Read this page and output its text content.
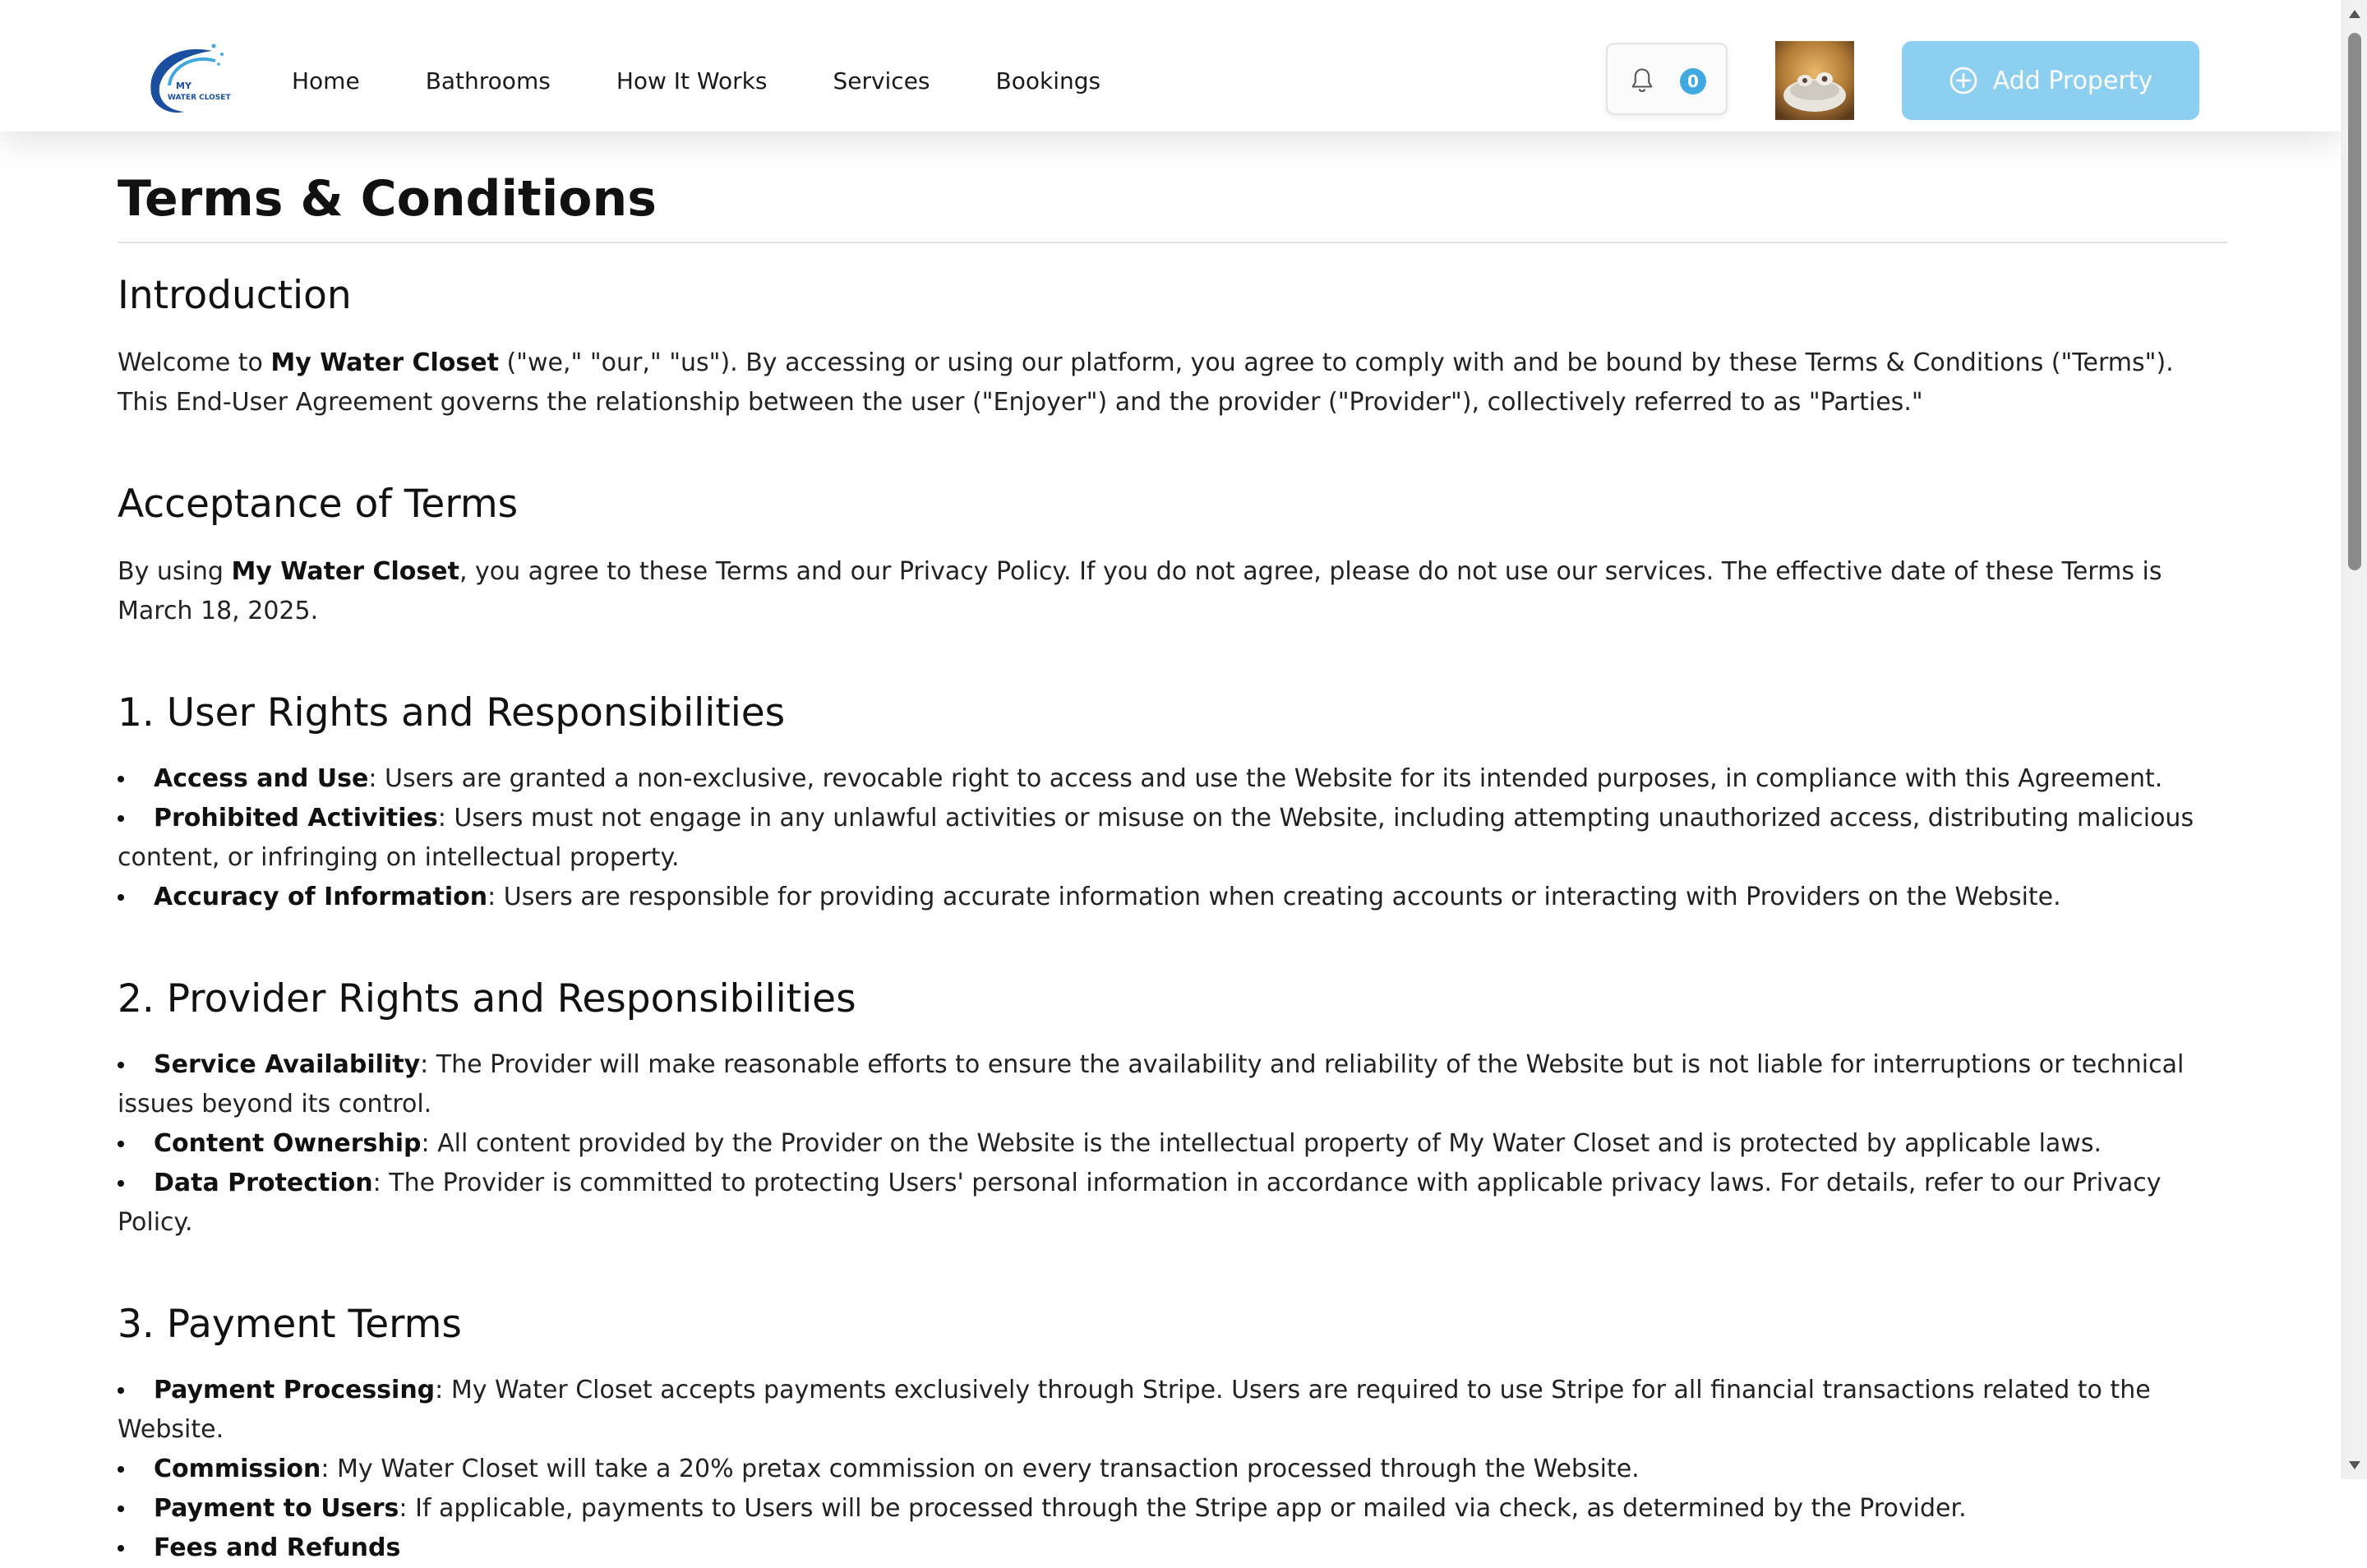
MY
WATER CLOSET
Home	Bathrooms	How It Works	Services	Bookings	0	Add Property
Terms & Conditions
Introduction

Welcome to My Water Closet ("we," "our," "us"). By accessing or using our platform, you agree to comply with and be bound by these Terms & Conditions ("Terms"). This End-User Agreement governs the relationship between the user ("Enjoyer") and the provider ("Provider"), collectively referred to as "Parties."

Acceptance of Terms

By using My Water Closet, you agree to these Terms and our Privacy Policy. If you do not agree, please do not use our services. The effective date of these Terms is March 18, 2025.

1. User Rights and Responsibilities
Access and Use: Users are granted a non-exclusive, revocable right to access and use the Website for its intended purposes, in compliance with this Agreement.
Prohibited Activities: Users must not engage in any unlawful activities or misuse on the Website, including attempting unauthorized access, distributing malicious content, or infringing on intellectual property.
Accuracy of Information: Users are responsible for providing accurate information when creating accounts or interacting with Providers on the Website.
2. Provider Rights and Responsibilities
Service Availability: The Provider will make reasonable efforts to ensure the availability and reliability of the Website but is not liable for interruptions or technical issues beyond its control.
Content Ownership: All content provided by the Provider on the Website is the intellectual property of My Water Closet and is protected by applicable laws.
Data Protection: The Provider is committed to protecting Users' personal information in accordance with applicable privacy laws. For details, refer to our Privacy Policy.
3. Payment Terms
Payment Processing: My Water Closet accepts payments exclusively through Stripe. Users are required to use Stripe for all financial transactions related to the Website.
Commission: My Water Closet will take a 20% pretax commission on every transaction processed through the Website.
Payment to Users: If applicable, payments to Users will be processed through the Stripe app or mailed via check, as determined by the Provider.
Fees and Refunds
